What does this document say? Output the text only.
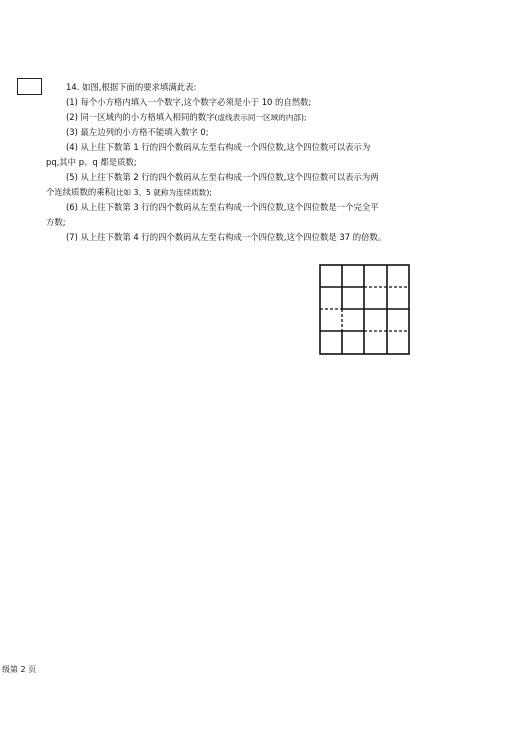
14. 如图,根据下面的要求填满此表:

(1) 每个小方格内填入一个数字,这个数字必须是小于 10 的自然数;

(2) 同一区域内的小方格填入相同的数字(虚线表示同一区域的内部);

(3) 最左边列的小方格不能填入数字 0;

(4) 从上往下数第 1 行的四个数码从左至右构成一个四位数,这个四位数可以表示为

pq,其中 p、q 都是质数;

(5) 从上往下数第 2 行的四个数码从左至右构成一个四位数,这个四位数可以表示为两

个连续质数的乘积(比如 3、5 就称为连续质数);

(6) 从上往下数第 3 行的四个数码从左至右构成一个四位数,这个四位数是一个完全平

方数;

(7) 从上往下数第 4 行的四个数码从左至右构成一个四位数,这个四位数是 37 的倍数。

级第 2 页
